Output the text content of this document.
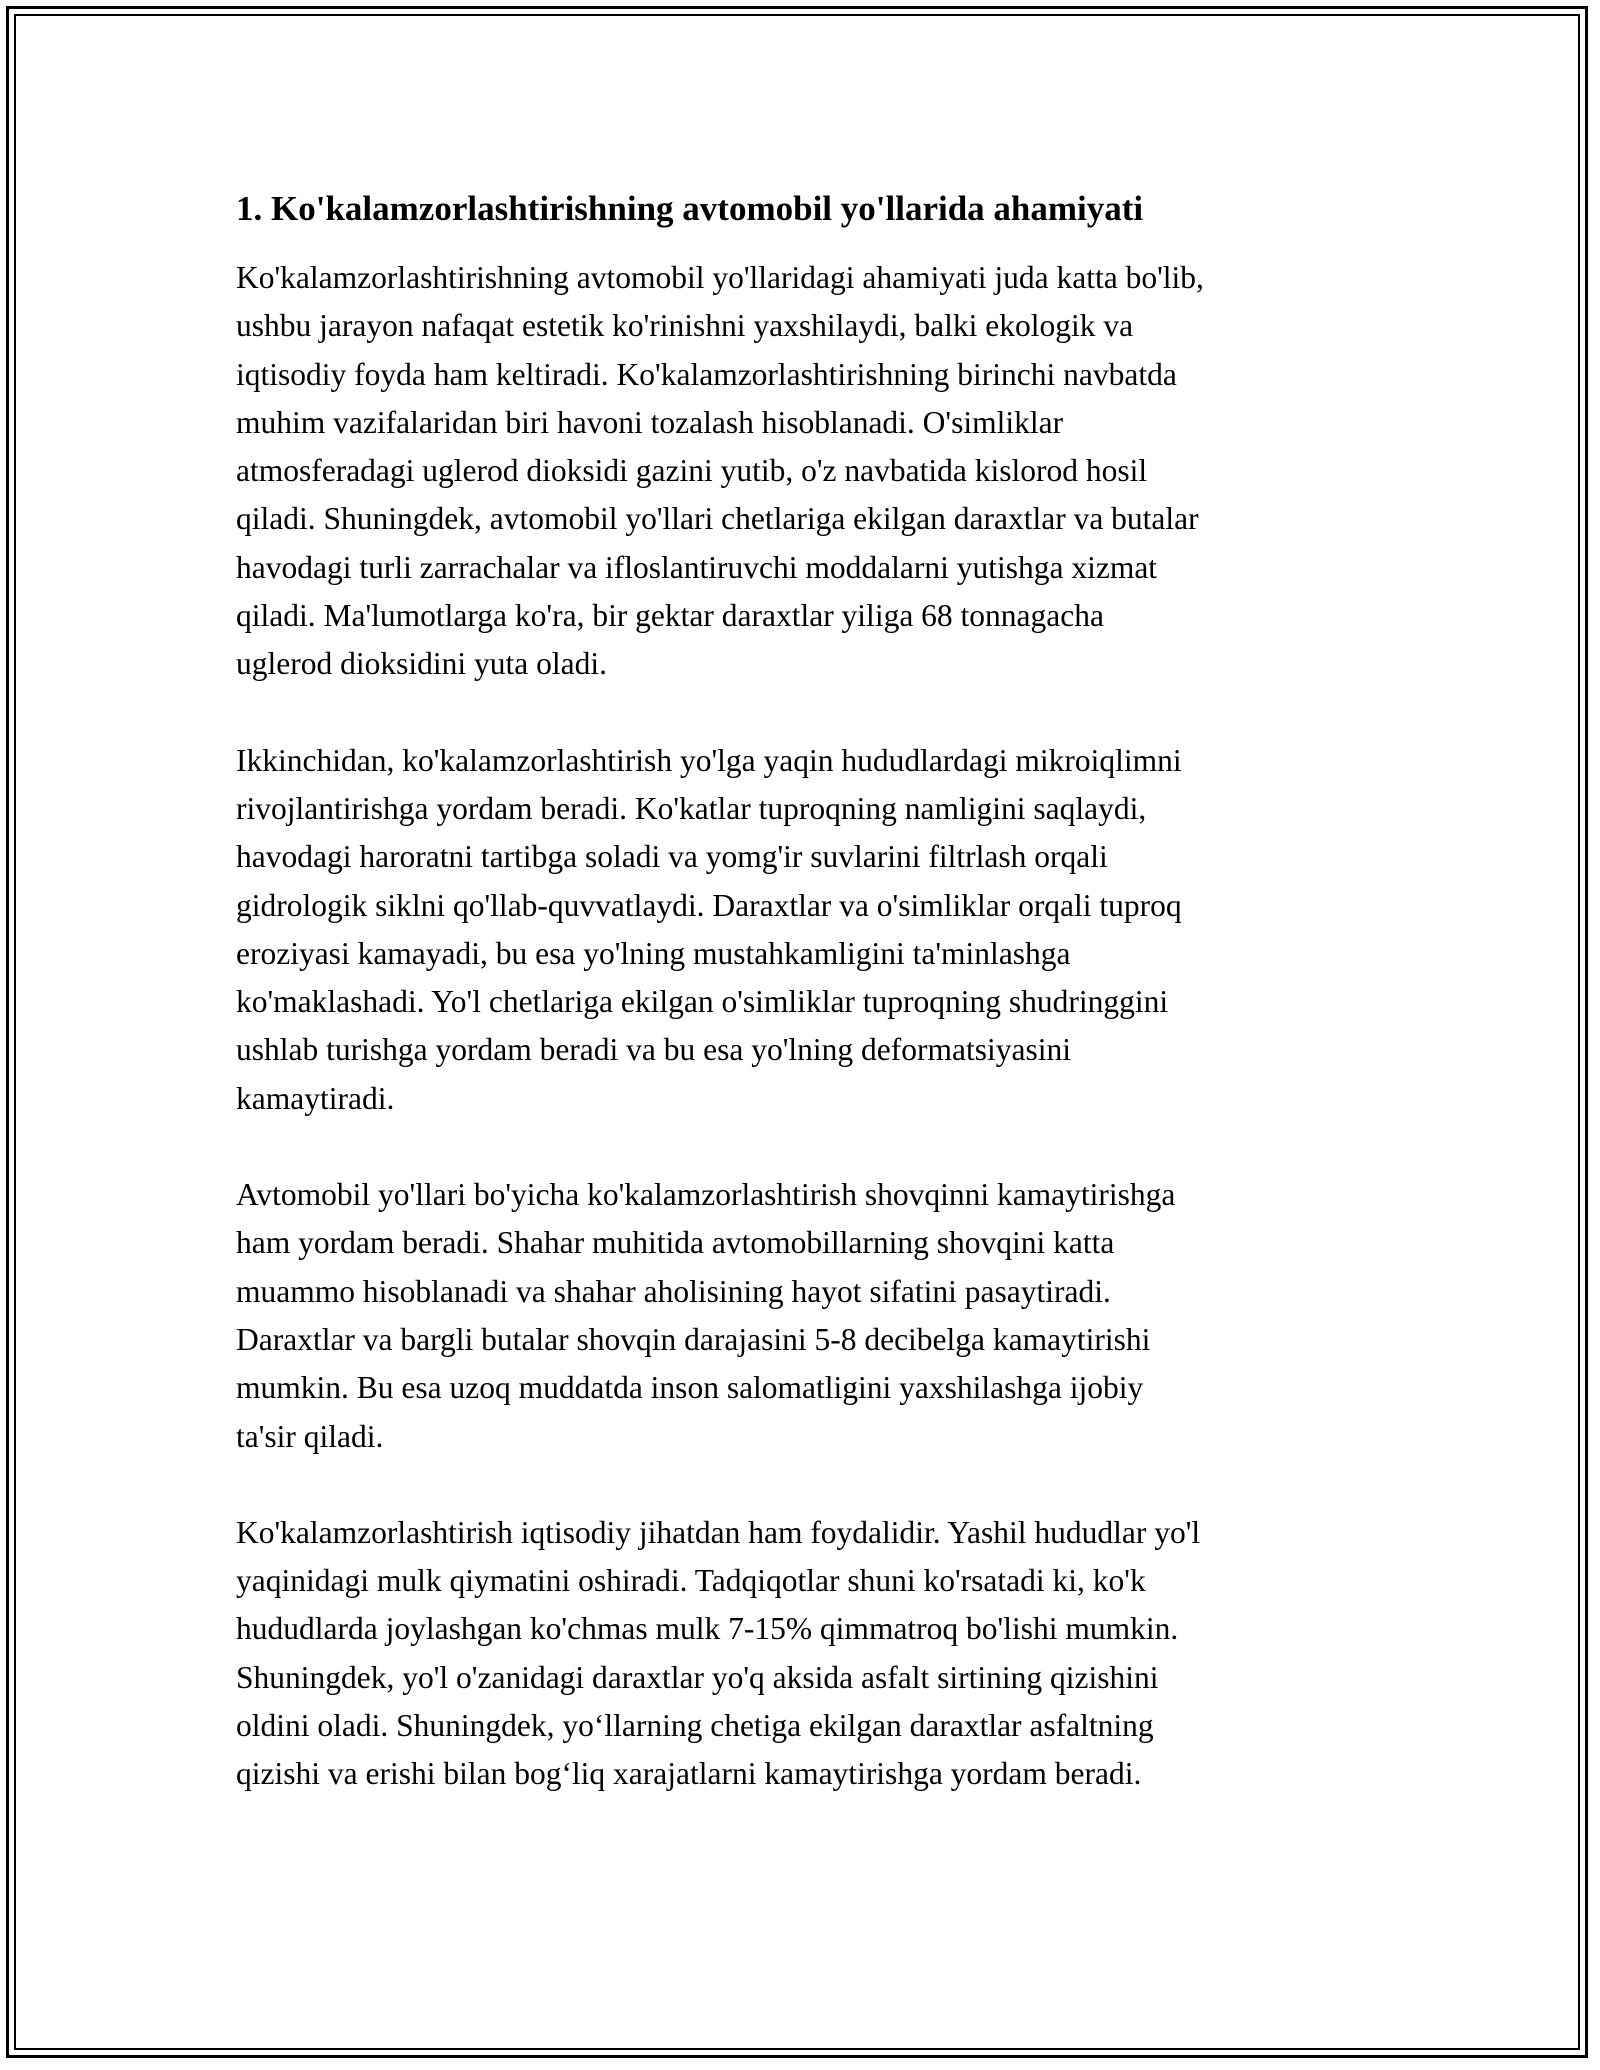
1. Ko'kalamzorlashtirishning avtomobil yo'llarida ahamiyati

Ko'kalamzorlashtirishning avtomobil yo'llaridagi ahamiyati juda katta bo'lib,
ushbu jarayon nafaqat estetik ko'rinishni yaxshilaydi, balki ekologik va
iqtisodiy foyda ham keltiradi. Ko'kalamzorlashtirishning birinchi navbatda
muhim vazifalaridan biri havoni tozalash hisoblanadi. O'simliklar
atmosferadagi uglerod dioksidi gazini yutib, o'z navbatida kislorod hosil
qiladi. Shuningdek, avtomobil yo'llari chetlariga ekilgan daraxtlar va butalar
havodagi turli zarrachalar va ifloslantiruvchi moddalarni yutishga xizmat
qiladi. Ma'lumotlarga ko'ra, bir gektar daraxtlar yiliga 68 tonnagacha
uglerod dioksidini yuta oladi.

Ikkinchidan, ko'kalamzorlashtirish yo'lga yaqin hududlardagi mikroiqlimni
rivojlantirishga yordam beradi. Ko'katlar tuproqning namligini saqlaydi,
havodagi haroratni tartibga soladi va yomg'ir suvlarini filtrlash orqali
gidrologik siklni qo'llab-quvvatlaydi. Daraxtlar va o'simliklar orqali tuproq
eroziyasi kamayadi, bu esa yo'lning mustahkamligini ta'minlashga
ko'maklashadi. Yo'l chetlariga ekilgan o'simliklar tuproqning shudringgini
ushlab turishga yordam beradi va bu esa yo'lning deformatsiyasini
kamaytiradi.

Avtomobil yo'llari bo'yicha ko'kalamzorlashtirish shovqinni kamaytirishga
ham yordam beradi. Shahar muhitida avtomobillarning shovqini katta
muammo hisoblanadi va shahar aholisining hayot sifatini pasaytiradi.
Daraxtlar va bargli butalar shovqin darajasini 5-8 decibelga kamaytirishi
mumkin. Bu esa uzoq muddatda inson salomatligini yaxshilashga ijobiy
ta'sir qiladi.

Ko'kalamzorlashtirish iqtisodiy jihatdan ham foydalidir. Yashil hududlar yo'l
yaqinidagi mulk qiymatini oshiradi. Tadqiqotlar shuni ko'rsatadi ki, ko'k
hududlarda joylashgan ko'chmas mulk 7-15% qimmatroq bo'lishi mumkin.
Shuningdek, yo'l o'zanidagi daraxtlar yo'q aksida asfalt sirtining qizishini
oldini oladi. Shuningdek, yo‘llarning chetiga ekilgan daraxtlar asfaltning
qizishi va erishi bilan bog‘liq xarajatlarni kamaytirishga yordam beradi.
